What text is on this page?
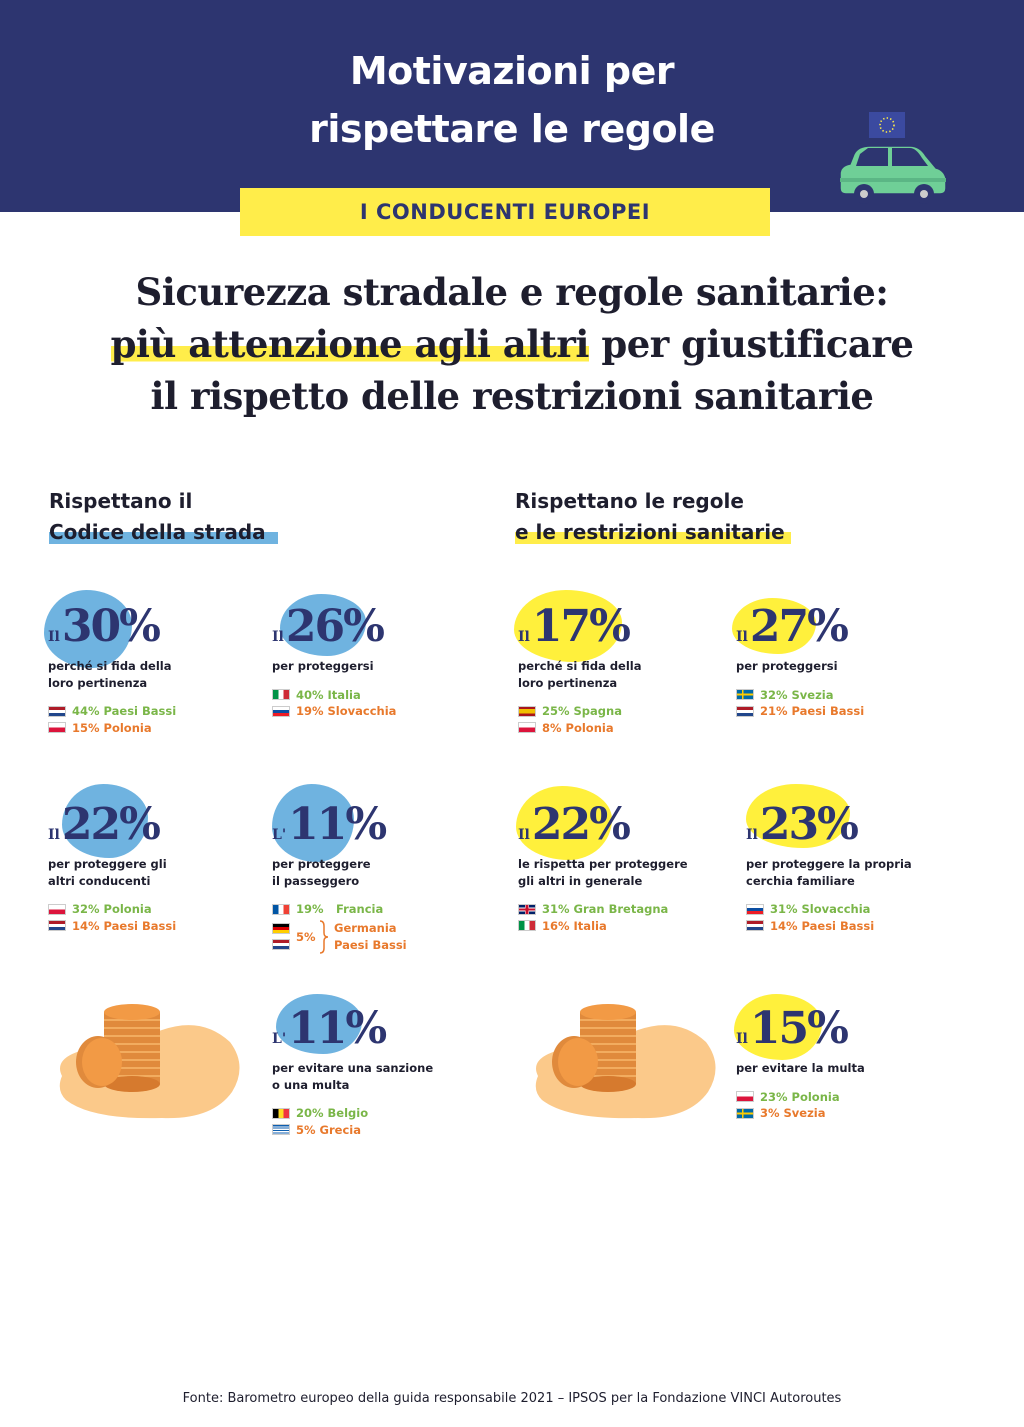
Motivazioni per
rispettare le regole
I CONDUCENTI EUROPEI
Sicurezza stradale e regole sanitarie:
più attenzione agli altri per giustificare
il rispetto delle restrizioni sanitarie
Rispettano il
Codice della strada
Rispettano le regole
e le restrizioni sanitarie
Il 30%
perché si fida della
loro pertinenza
44% Paesi Bassi
15% Polonia
Il 26%
per proteggersi
40% Italia
19% Slovacchia
Il 22%
per proteggere gli
altri conducenti
32% Polonia
14% Paesi Bassi
L' 11%
per proteggere
il passeggero
19%	Francia
5%
Germania
Paesi Bassi
L' 11%
per evitare una sanzione
o una multa
20% Belgio
5% Grecia
Il 17%
perché si fida della
loro pertinenza
25% Spagna
8% Polonia
Il 27%
per proteggersi
32% Svezia
21% Paesi Bassi
Il 22%
le rispetta per proteggere
gli altri in generale
31% Gran Bretagna
16% Italia
Il 23%
per proteggere la propria
cerchia familiare
31% Slovacchia
14% Paesi Bassi
Il 15%
per evitare la multa
23% Polonia
3% Svezia
Fonte: Barometro europeo della guida responsabile 2021 – IPSOS per la Fondazione VINCI Autoroutes
